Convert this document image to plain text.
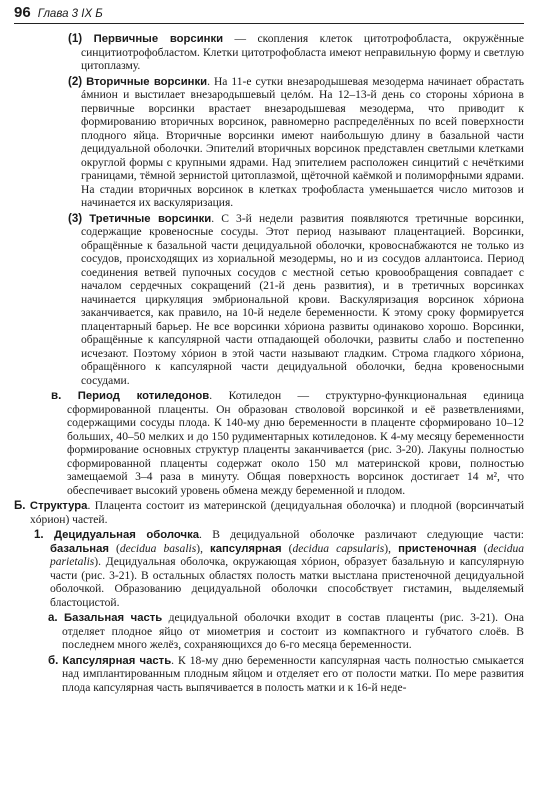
96 Глава 3 IX Б

(1) Первичные ворсинки — скопления клеток цитотрофобласта, окружённые синцитиотрофобластом. Клетки цитотрофобласта имеют неправильную форму и светлую цитоплазму.

(2) Вторичные ворсинки. На 11-е сутки внезародышевая мезодерма начинает обрастать áмнион и выстилает внезародышевый целóм. На 12–13-й день со стороны хóриона в первичные ворсинки врастает внезародышевая мезодерма, что приводит к формированию вторичных ворсинок, равномерно распределённых по всей поверхности плодного яйца. Вторичные ворсинки имеют наибольшую длину в базальной части децидуальной оболочки. Эпителий вторичных ворсинок представлен светлыми клетками округлой формы с крупными ядрами. Над эпителием расположен синцитий с нечёткими границами, тёмной зернистой цитоплазмой, щёточной каёмкой и полиморфными ядрами. На стадии вторичных ворсинок в клетках трофобласта уменьшается число митозов и начинается их васкуляризация.

(3) Третичные ворсинки. С 3-й недели развития появляются третичные ворсинки, содержащие кровеносные сосуды. Этот период называют плацентацией. Ворсинки, обращённые к базальной части децидуальной оболочки, кровоснабжаются не только из сосудов, происходящих из хориальной мезодермы, но и из сосудов аллантоиса. Период соединения ветвей пупочных сосудов с местной сетью кровообращения совпадает с началом сердечных сокращений (21-й день развития), и в третичных ворсинках начинается циркуляция эмбриональной крови. Васкуляризация ворсинок хóриона заканчивается, как правило, на 10-й неделе беременности. К этому сроку формируется плацентарный барьер. Не все ворсинки хóриона развиты одинаково хорошо. Ворсинки, обращённые к капсулярной части отпадающей оболочки, развиты слабо и постепенно исчезают. Поэтому хóрион в этой части называют гладким. Строма гладкого хóриона, обращённого к капсулярной части децидуальной оболочки, бедна кровеносными сосудами.

в. Период котиледонов. Котиледон — структурно-функциональная единица сформированной плаценты. Он образован стволовой ворсинкой и её разветвлениями, содержащими сосуды плода. К 140-му дню беременности в плаценте сформировано 10–12 больших, 40–50 мелких и до 150 рудиментарных котиледонов. К 4-му месяцу беременности формирование основных структур плаценты заканчивается (рис. 3-20). Лакуны полностью сформированной плаценты содержат около 150 мл материнской крови, полностью замещаемой 3–4 раза в минуту. Общая поверхность ворсинок достигает 14 м², что обеспечивает высокий уровень обмена между беременной и плодом.

Б. Структура. Плацента состоит из материнской (децидуальная оболочка) и плодной (ворсинчатый хóрион) частей.

1. Децидуальная оболочка. В децидуальной оболочке различают следующие части: базальная (decidua basalis), капсулярная (decidua capsularis), пристеночная (decidua parietalis). Децидуальная оболочка, окружающая хóрион, образует базальную и капсулярную части (рис. 3-21). В остальных областях полость матки выстлана пристеночной децидуальной оболочкой. Образованию децидуальной оболочки способствует гистамин, выделяемый бластоцистой.

а. Базальная часть децидуальной оболочки входит в состав плаценты (рис. 3-21). Она отделяет плодное яйцо от миометрия и состоит из компактного и губчатого слоёв. В последнем много желёз, сохраняющихся до 6-го месяца беременности.

б. Капсулярная часть. К 18-му дню беременности капсулярная часть полностью смыкается над имплантированным плодным яйцом и отделяет его от полости матки. По мере развития плода капсулярная часть выпячивается в полость матки и к 16-й неде-
